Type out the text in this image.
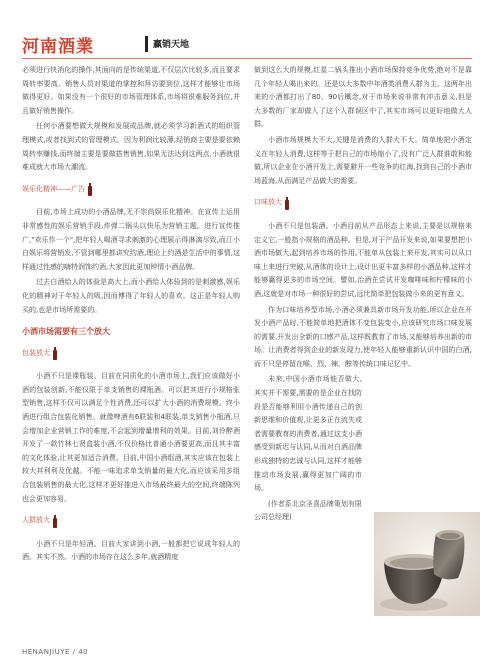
河南酒業	赢销天地

必须进行快消化的操作,其面向的是传统渠道,不仅层次比较多,而且要求周转率要高。销售人员对渠道的掌控和拜访要到位,这样才能够让市场做得更好。如果没有一个很好的市场管理体系,市场将很难服务到位,并且做好销售操作。

任何小酒要想做大规模和发展成品牌,就必须学习新酒式的组织管理模式,或者找到式的管理模式。因为利润比较薄,经销商主要是要依赖周转率赚钱,而终端主要是要做搭售销售,如果无法达到这两点,小酒就很难成就大市场大潮流。

娱乐化精神——广告

目前,市场上成功的小酒品牌,无不崇尚娱乐化精神。在宣传上运用非常感性的娱乐营销手段,炸弹二锅头以快乐为营销主题。进行宣传推广,"欢乐作一个",把年轻人喝酒寻求刺激的心理展示得淋漓尽致,而江小白娱乐将营销发,不管到哪里都讲究约酒,理论上约酒是生活中的事情,这样通过性感的嗨特润饰约酒,大家因此更加钟情小酒品牌。

过去白酒给人的体验是高大上,而小酒给人体验到的是刺激感,娱乐化的精神对于年轻人的吸,因而博得了年轻人的喜欢。这正是年轻人购买的,也是市场所需要的。

小酒市场需要有三个放大
包装放大

小酒不只是裸瓶装。目前在同质化的小酒市场上,我们应该做好小酒的包装创新,不能仅限于单支销售的裸瓶酒。可以把其进行小规格张型销售,这样不仅可以满足个性消费,还可以扩大小酒的消费规模。终小酒进行组合包装化销售。就像啤酒有6联装和4联装,单支销售小瓶酒,只会增加企业营销工作的难度,不会起到增量增利的效果。目前,刘伶醉酒开发了一款竹林七贤盒装小酒,不仅价格比普通小酒要更高,而且其丰富的文化体验,让其更加适合消费。目前,中国小酒组酒,其实应该在包装上较大其利利及优越。不能一味追求单支销量的最大化,而应该采用多组合包装销售的最大化,这样才更好推进入市场最终最大的空间,终端陈列也会更加容易。

人群放大

小酒不只是年轻酒。目前大家讲到小酒,一般都把它说成年轻人的酒。其实不然。小酒的市场存在这么多年,就酒精度

做到这么大的规模,红星二锅头推出小酒市场保持竞争优势,绝对不是靠几个年轻人喝出来的。还是以大多数中年酒类消费人群为主。这两年出来的小酒都打出了80、90后概念,对于市场来说非常有冲击意义,但是大多数的厂家却做入了这个人群误区中了,其实市场可以更好地做大人群。

小酒市场规模大不大,关键是消费的人群大不大。简单地把小酒定义在年轻人消费,这样等于把自己的市场缩小了,没有广泛人群谁敢和能做,所以企业在小酒开发上,需要避开一些竞争的红海,找到自己的小酒市场蓝海,从而满足产品做大的需要。

口味放大

小酒不只是包装酒。小酒目前从产品形态上来说,主要是以规格来定义它,一般指小规格的酒品种。但是,对于产品开发来说,如果要想把小酒市场做大,起到培养市场的作用,不能单从包装上来开发,其实可以从口味上来进行突破,从酒体的设计上,设计出更丰富多样的小酒品种,这样才能够赢得更多的市场空间。譬如,治酒在尝试开发咖啡味和柠檬味的小酒,这就是对市场一种很好的尝试,远比简单把包装做小来的更有意义。

作为口味培养型市场,小酒必须兼具新市场开发功能,所以企业在开发小酒产品时,不能简单地把酒体不变包装变小,应该研究市场口味发展的需要,开发出全新的口感产品,这样既教育了市场,又能够培养出新的市场。让消费者得到企业的新发现力,使年轻人能够重新认识中国的白酒,而不只是停留在喉、烈、辣、醇等传统口味记忆中。

未来,中国小酒市场能否做大,其实并不需要,需要的是企业在找防段是否能够利用小酒传递自己的创新思维和价值观,让更多正在流失或者需要教育的消费者,通过这支小酒感受到新迟与认同,从而对白酒品牌形成独特的忠诚与认同,这样才能够推动市场发展,赢得更加广阔的市场。

(作者系北京圣喜品牌策划有限公司总经理)

HENANJIUYE / 40
